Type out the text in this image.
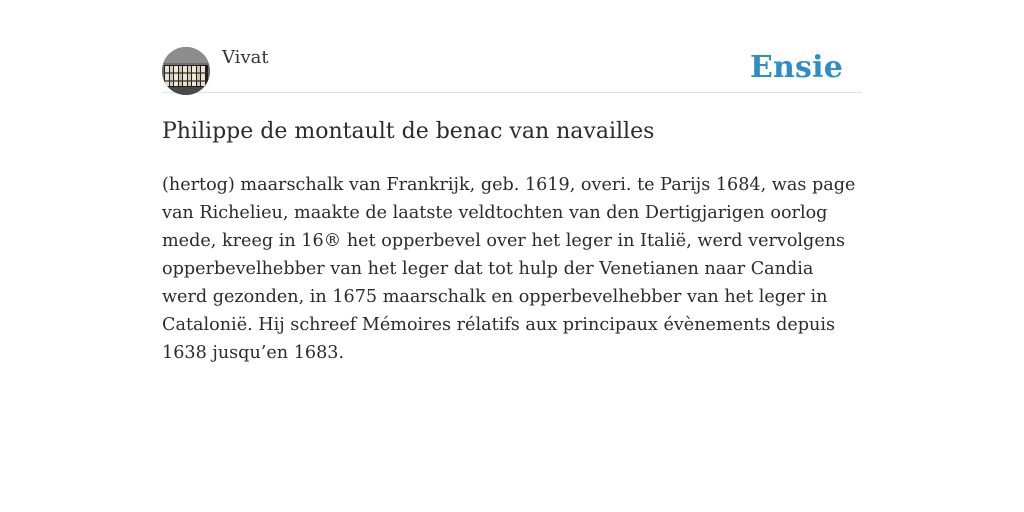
Vivat	Ensie
Philippe de montault de benac van navailles

(hertog) maarschalk van Frankrijk, geb. 1619, overi. te Parijs 1684, was page van Richelieu, maakte de laatste veldtochten van den Dertigjarigen oorlog mede, kreeg in 16® het opperbevel over het leger in Italië, werd vervolgens opperbevelhebber van het leger dat tot hulp der Venetianen naar Candia werd gezonden, in 1675 maarschalk en opperbevelhebber van het leger in Catalonië. Hij schreef Mémoires rélatifs aux principaux évènements depuis 1638 jusqu’en 1683.
